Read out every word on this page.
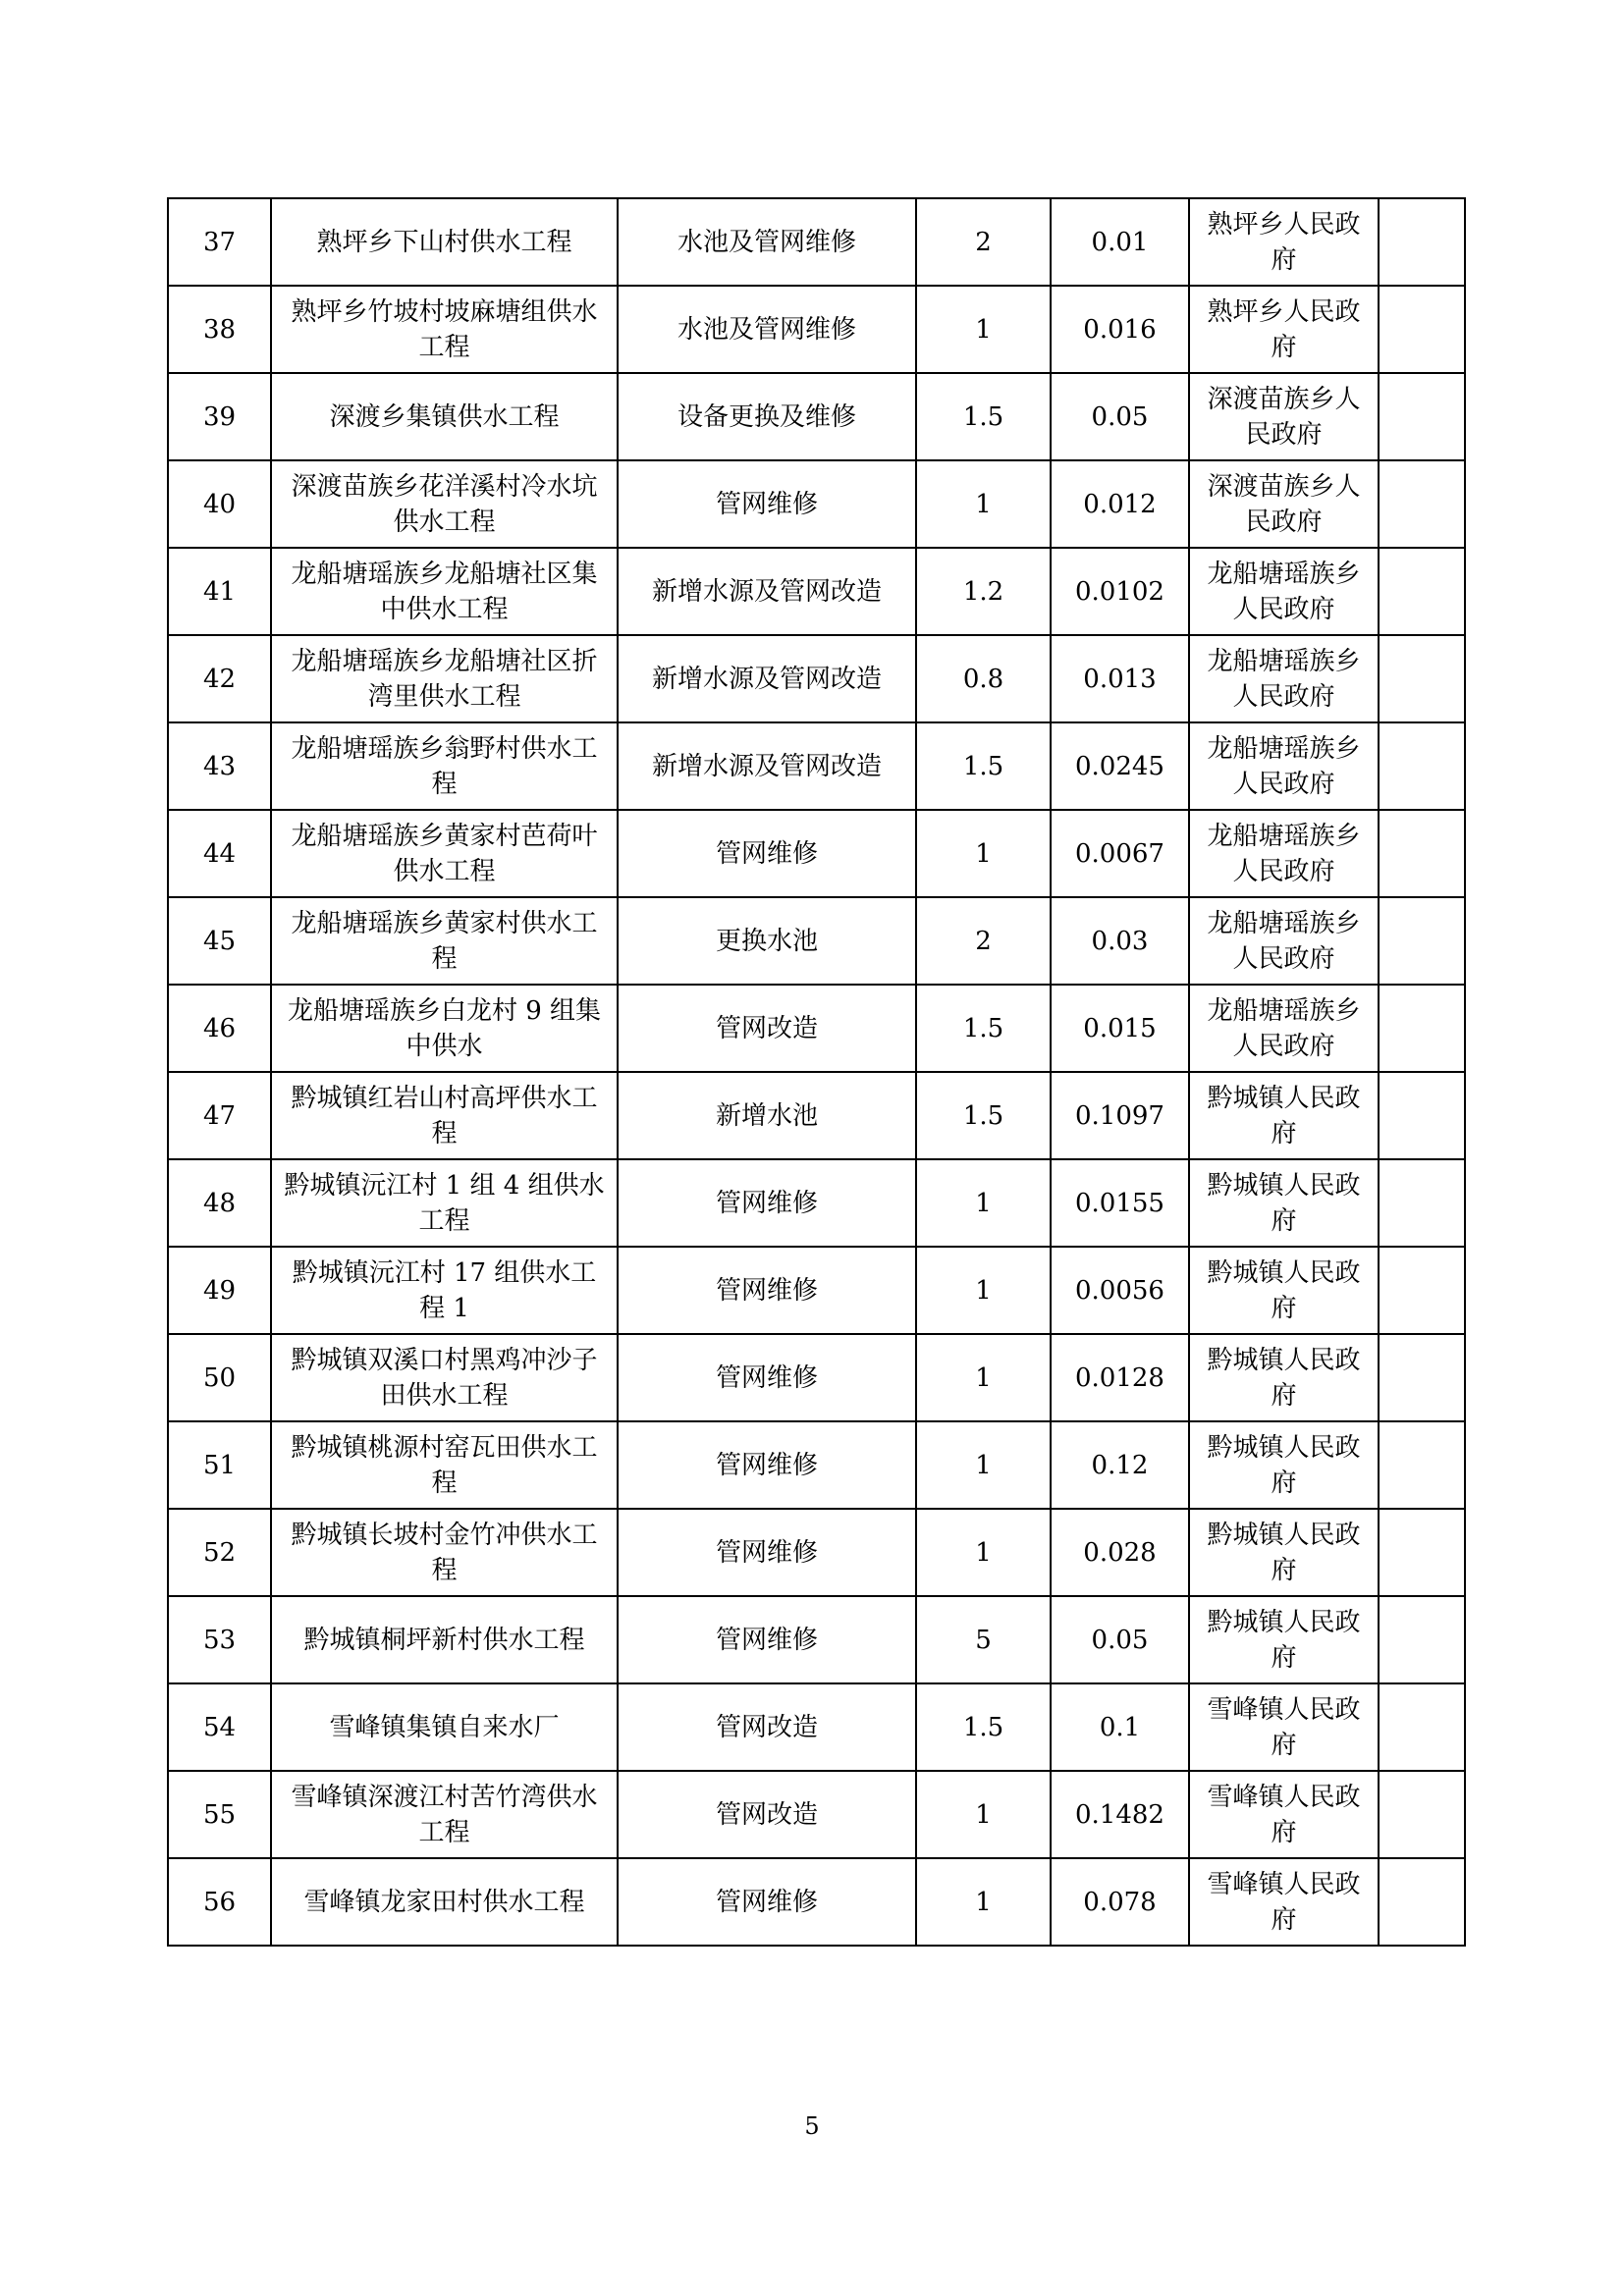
37	熟坪乡下山村供水工程	水池及管网维修	2	0.01	熟坪乡人民政府	
38	熟坪乡竹坡村坡麻塘组供水工程	水池及管网维修	1	0.016	熟坪乡人民政府	
39	深渡乡集镇供水工程	设备更换及维修	1.5	0.05	深渡苗族乡人民政府	
40	深渡苗族乡花洋溪村冷水坑供水工程	管网维修	1	0.012	深渡苗族乡人民政府	
41	龙船塘瑶族乡龙船塘社区集中供水工程	新增水源及管网改造	1.2	0.0102	龙船塘瑶族乡人民政府	
42	龙船塘瑶族乡龙船塘社区折湾里供水工程	新增水源及管网改造	0.8	0.013	龙船塘瑶族乡人民政府	
43	龙船塘瑶族乡翁野村供水工程	新增水源及管网改造	1.5	0.0245	龙船塘瑶族乡人民政府	
44	龙船塘瑶族乡黄家村芭荷叶供水工程	管网维修	1	0.0067	龙船塘瑶族乡人民政府	
45	龙船塘瑶族乡黄家村供水工程	更换水池	2	0.03	龙船塘瑶族乡人民政府	
46	龙船塘瑶族乡白龙村 9 组集中供水	管网改造	1.5	0.015	龙船塘瑶族乡人民政府	
47	黔城镇红岩山村高坪供水工程	新增水池	1.5	0.1097	黔城镇人民政府	
48	黔城镇沅江村 1 组 4 组供水工程	管网维修	1	0.0155	黔城镇人民政府	
49	黔城镇沅江村 17 组供水工程 1	管网维修	1	0.0056	黔城镇人民政府	
50	黔城镇双溪口村黑鸡冲沙子田供水工程	管网维修	1	0.0128	黔城镇人民政府	
51	黔城镇桃源村窑瓦田供水工程	管网维修	1	0.12	黔城镇人民政府	
52	黔城镇长坡村金竹冲供水工程	管网维修	1	0.028	黔城镇人民政府	
53	黔城镇桐坪新村供水工程	管网维修	5	0.05	黔城镇人民政府	
54	雪峰镇集镇自来水厂	管网改造	1.5	0.1	雪峰镇人民政府	
55	雪峰镇深渡江村苦竹湾供水工程	管网改造	1	0.1482	雪峰镇人民政府	
56	雪峰镇龙家田村供水工程	管网维修	1	0.078	雪峰镇人民政府	
5
